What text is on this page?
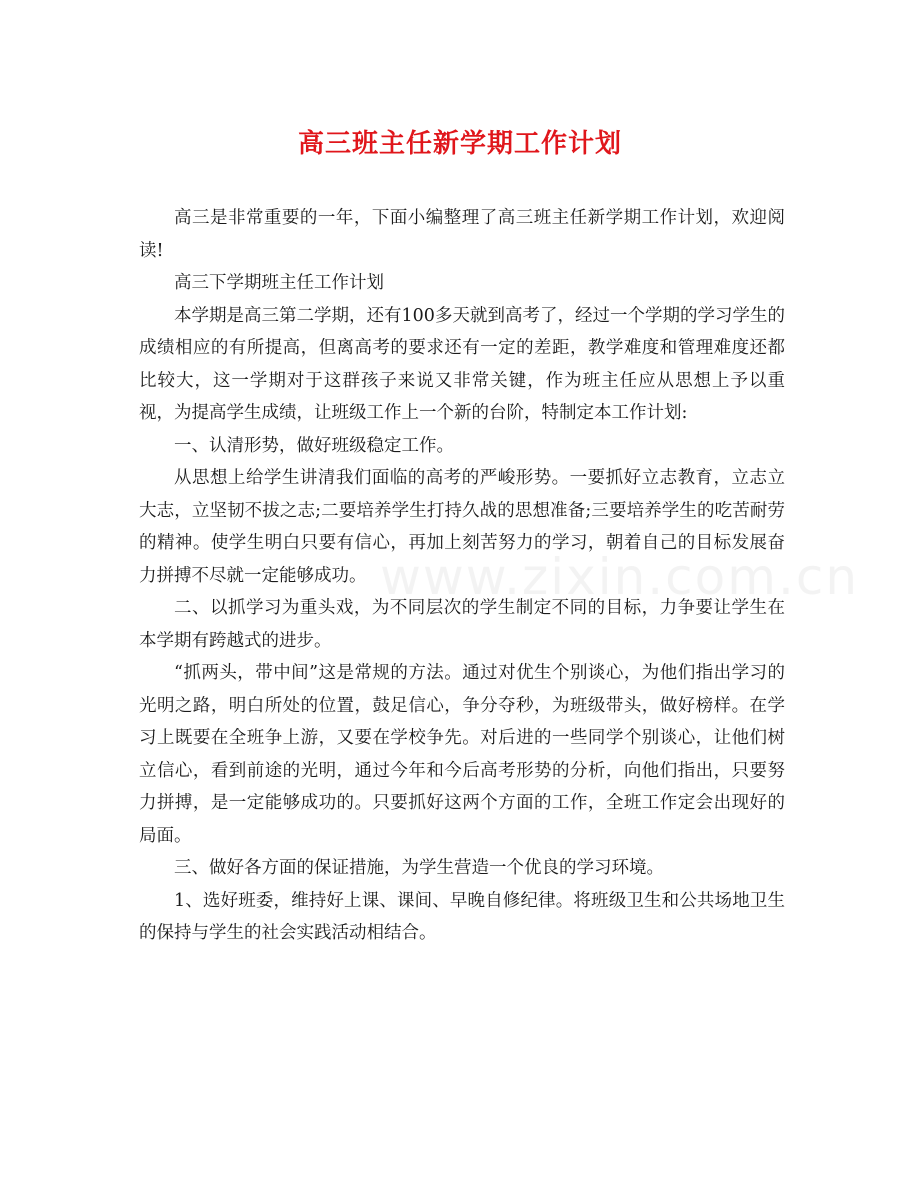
高三班主任新学期工作计划

高三是非常重要的一年，下面小编整理了高三班主任新学期工作计划，欢迎阅读!

高三下学期班主任工作计划

本学期是高三第二学期，还有100多天就到高考了，经过一个学期的学习学生的成绩相应的有所提高，但离高考的要求还有一定的差距，教学难度和管理难度还都比较大，这一学期对于这群孩子来说又非常关键，作为班主任应从思想上予以重视，为提高学生成绩，让班级工作上一个新的台阶，特制定本工作计划:

一、认清形势，做好班级稳定工作。

从思想上给学生讲清我们面临的高考的严峻形势。一要抓好立志教育，立志立大志，立坚韧不拔之志;二要培养学生打持久战的思想准备;三要培养学生的吃苦耐劳的精神。使学生明白只要有信心，再加上刻苦努力的学习，朝着自己的目标发展奋力拼搏不尽就一定能够成功。

二、以抓学习为重头戏，为不同层次的学生制定不同的目标，力争要让学生在本学期有跨越式的进步。

“抓两头，带中间”这是常规的方法。通过对优生个别谈心，为他们指出学习的光明之路，明白所处的位置，鼓足信心，争分夺秒，为班级带头，做好榜样。在学习上既要在全班争上游，又要在学校争先。对后进的一些同学个别谈心，让他们树立信心，看到前途的光明，通过今年和今后高考形势的分析，向他们指出，只要努力拼搏，是一定能够成功的。只要抓好这两个方面的工作，全班工作定会出现好的局面。

三、做好各方面的保证措施，为学生营造一个优良的学习环境。

1、选好班委，维持好上课、课间、早晚自修纪律。将班级卫生和公共场地卫生的保持与学生的社会实践活动相结合。

www.zixin.com.cn
